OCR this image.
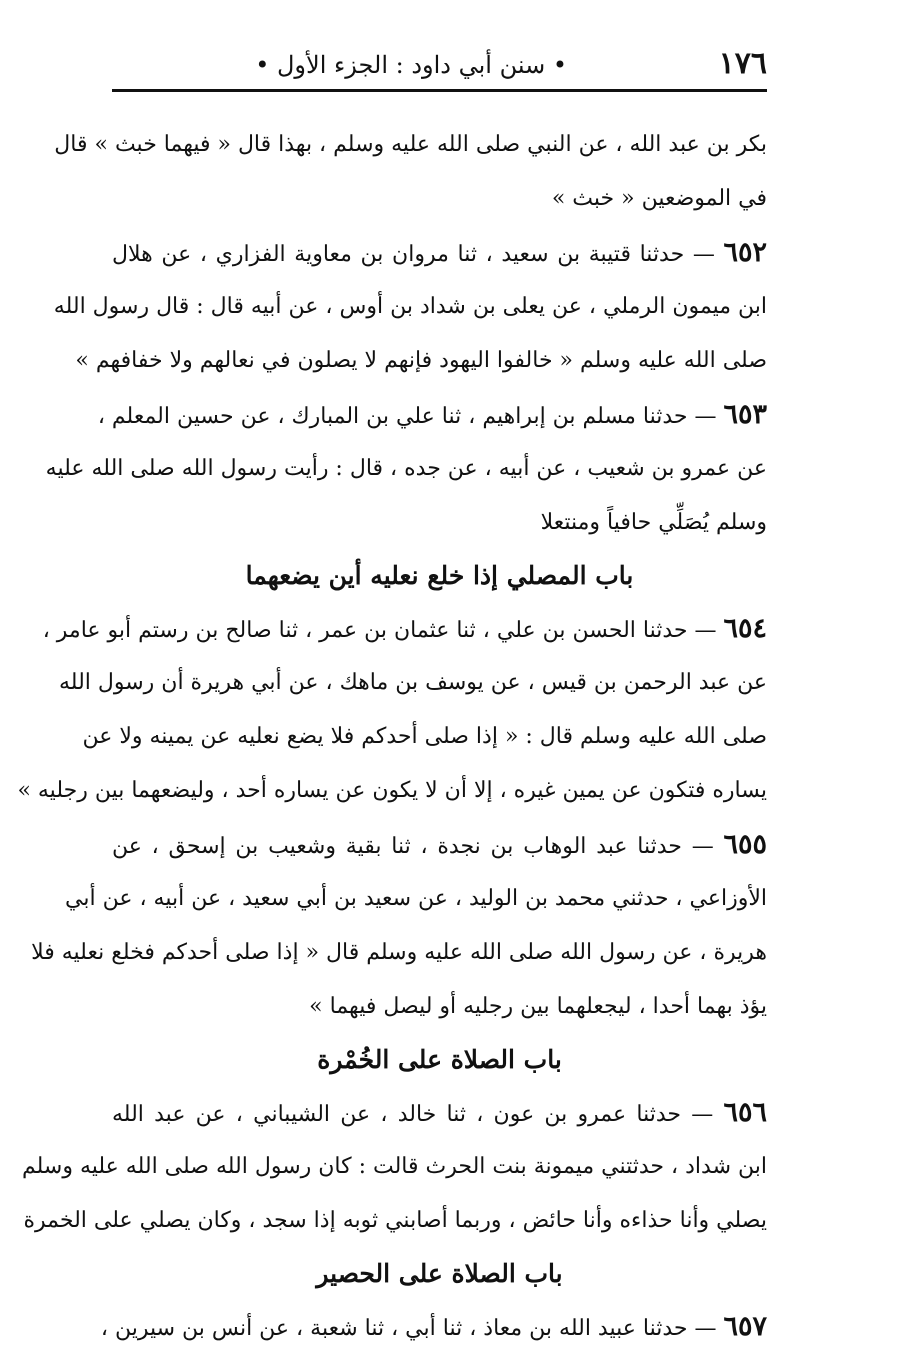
١٧٦
• سنن أبي داود : الجزء الأول •
بكر بن عبد الله ، عن النبي صلى الله عليه وسلم ، بهذا قال « فيهما خبث » قال
في الموضعين « خبث »
٦٥٢ — حدثنا قتيبة بن سعيد ، ثنا مروان بن معاوية الفزاري ، عن هلال
ابن ميمون الرملي ، عن يعلى بن شداد بن أوس ، عن أبيه قال : قال رسول الله
صلى الله عليه وسلم « خالفوا اليهود فإنهم لا يصلون في نعالهم ولا خفافهم »
٦٥٣ — حدثنا مسلم بن إبراهيم ، ثنا علي بن المبارك ، عن حسين المعلم ،
عن عمرو بن شعيب ، عن أبيه ، عن جده ، قال : رأيت رسول الله صلى الله عليه
وسلم يُصَلِّي حافياً ومنتعلا
باب المصلي إذا خلع نعليه أين يضعهما
٦٥٤ — حدثنا الحسن بن علي ، ثنا عثمان بن عمر ، ثنا صالح بن رستم أبو عامر ،
عن عبد الرحمن بن قيس ، عن يوسف بن ماهك ، عن أبي هريرة أن رسول الله
صلى الله عليه وسلم قال : « إذا صلى أحدكم فلا يضع نعليه عن يمينه ولا عن
يساره فتكون عن يمين غيره ، إلا أن لا يكون عن يساره أحد ، وليضعهما بين رجليه »
٦٥٥ — حدثنا عبد الوهاب بن نجدة ، ثنا بقية وشعيب بن إسحق ، عن
الأوزاعي ، حدثني محمد بن الوليد ، عن سعيد بن أبي سعيد ، عن أبيه ، عن أبي
هريرة ، عن رسول الله صلى الله عليه وسلم قال « إذا صلى أحدكم فخلع نعليه فلا
يؤذ بهما أحدا ، ليجعلهما بين رجليه أو ليصل فيهما »
باب الصلاة على الخُمْرة
٦٥٦ — حدثنا عمرو بن عون ، ثنا خالد ، عن الشيباني ، عن عبد الله
ابن شداد ، حدثتني ميمونة بنت الحرث قالت : كان رسول الله صلى الله عليه وسلم
يصلي وأنا حذاءه وأنا حائض ، وربما أصابني ثوبه إذا سجد ، وكان يصلي على الخمرة
باب الصلاة على الحصير
٦٥٧ — حدثنا عبيد الله بن معاذ ، ثنا أبي ، ثنا شعبة ، عن أنس بن سيرين ،
